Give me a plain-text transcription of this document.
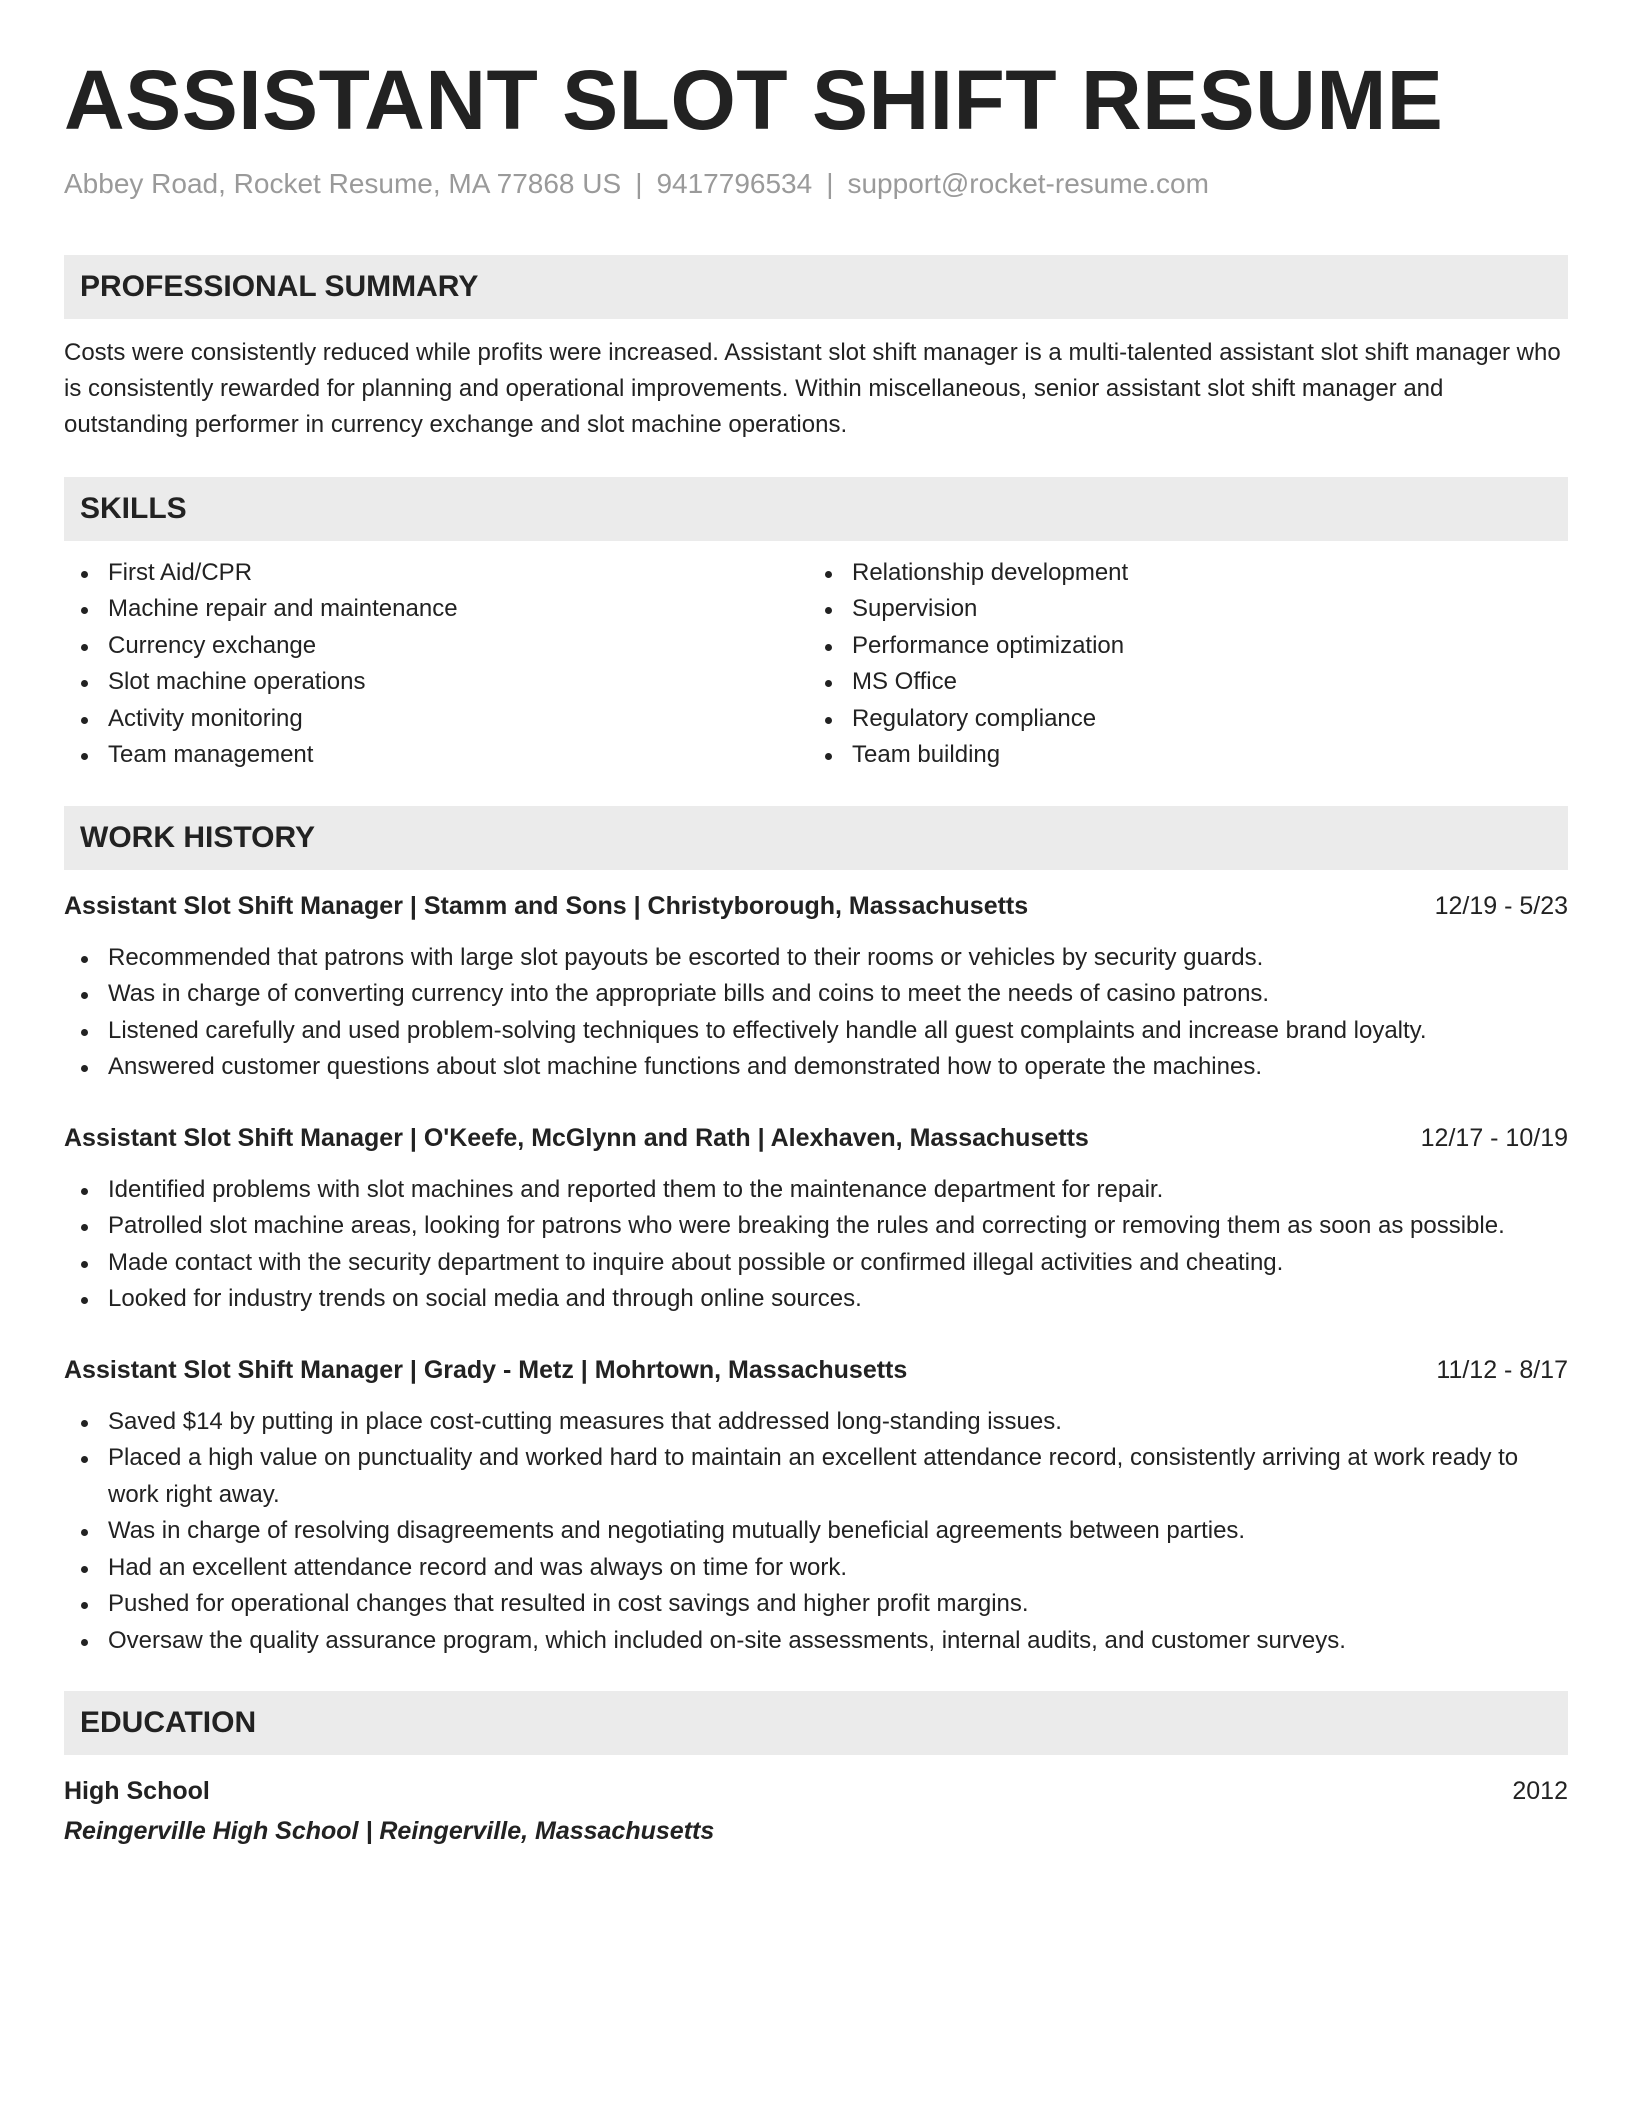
ASSISTANT SLOT SHIFT RESUME
Abbey Road, Rocket Resume, MA 77868 US | 9417796534 | support@rocket-resume.com
PROFESSIONAL SUMMARY
Costs were consistently reduced while profits were increased. Assistant slot shift manager is a multi-talented assistant slot shift manager who is consistently rewarded for planning and operational improvements. Within miscellaneous, senior assistant slot shift manager and outstanding performer in currency exchange and slot machine operations.
SKILLS
First Aid/CPR
Machine repair and maintenance
Currency exchange
Slot machine operations
Activity monitoring
Team management
Relationship development
Supervision
Performance optimization
MS Office
Regulatory compliance
Team building
WORK HISTORY
Assistant Slot Shift Manager | Stamm and Sons | Christyborough, Massachusetts	12/19 - 5/23
Recommended that patrons with large slot payouts be escorted to their rooms or vehicles by security guards.
Was in charge of converting currency into the appropriate bills and coins to meet the needs of casino patrons.
Listened carefully and used problem-solving techniques to effectively handle all guest complaints and increase brand loyalty.
Answered customer questions about slot machine functions and demonstrated how to operate the machines.
Assistant Slot Shift Manager | O'Keefe, McGlynn and Rath | Alexhaven, Massachusetts	12/17 - 10/19
Identified problems with slot machines and reported them to the maintenance department for repair.
Patrolled slot machine areas, looking for patrons who were breaking the rules and correcting or removing them as soon as possible.
Made contact with the security department to inquire about possible or confirmed illegal activities and cheating.
Looked for industry trends on social media and through online sources.
Assistant Slot Shift Manager | Grady - Metz | Mohrtown, Massachusetts	11/12 - 8/17
Saved $14 by putting in place cost-cutting measures that addressed long-standing issues.
Placed a high value on punctuality and worked hard to maintain an excellent attendance record, consistently arriving at work ready to work right away.
Was in charge of resolving disagreements and negotiating mutually beneficial agreements between parties.
Had an excellent attendance record and was always on time for work.
Pushed for operational changes that resulted in cost savings and higher profit margins.
Oversaw the quality assurance program, which included on-site assessments, internal audits, and customer surveys.
EDUCATION
High School	2012
Reingerville High School | Reingerville, Massachusetts
